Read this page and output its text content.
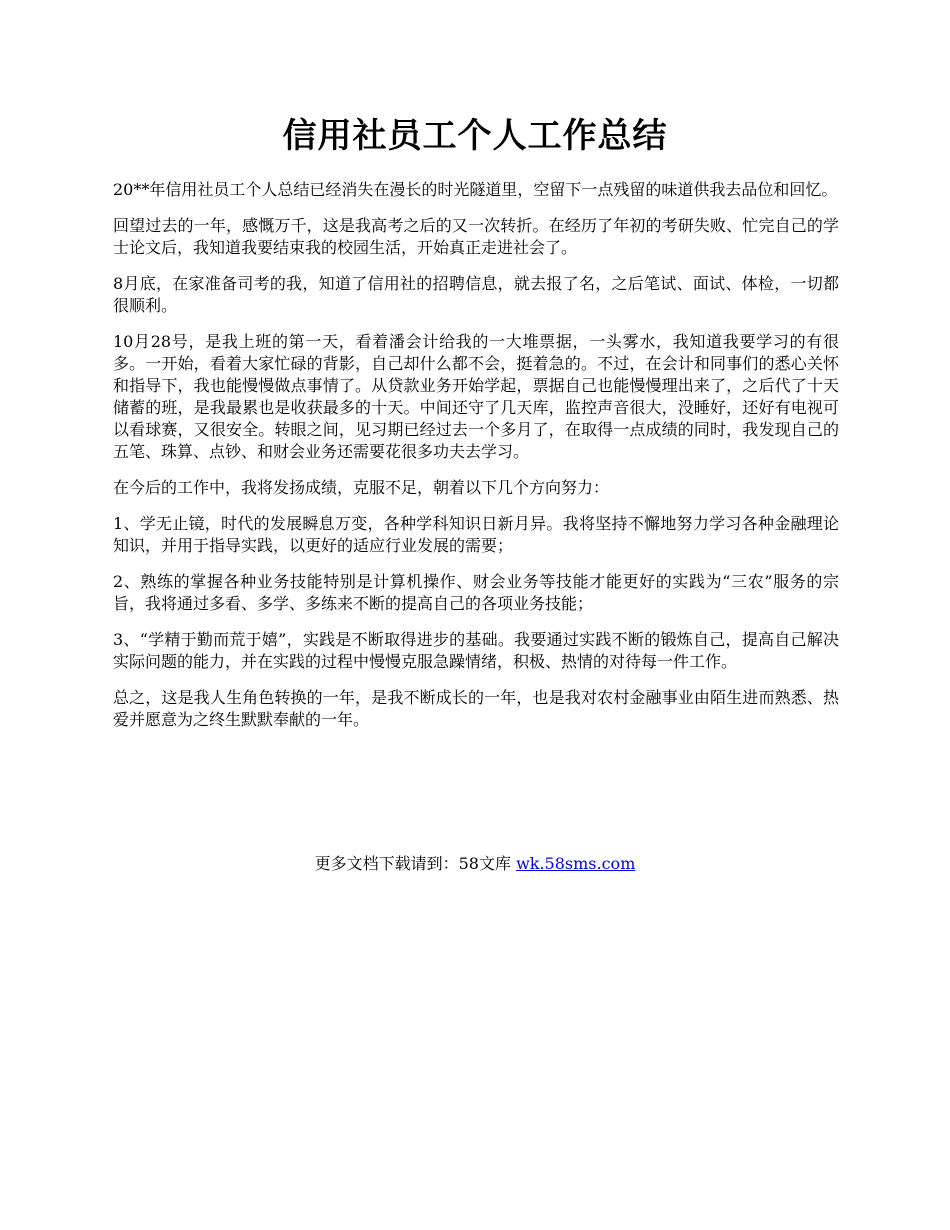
信用社员工个人工作总结

20**年信用社员工个人总结已经消失在漫长的时光隧道里，空留下一点残留的味道供我去品位和回忆。

回望过去的一年，感慨万千，这是我高考之后的又一次转折。在经历了年初的考研失败、忙完自己的学士论文后，我知道我要结束我的校园生活，开始真正走进社会了。

8月底，在家准备司考的我，知道了信用社的招聘信息，就去报了名，之后笔试、面试、体检，一切都很顺利。

10月28号，是我上班的第一天，看着潘会计给我的一大堆票据，一头雾水，我知道我要学习的有很多。一开始，看着大家忙碌的背影，自己却什么都不会，挺着急的。不过，在会计和同事们的悉心关怀和指导下，我也能慢慢做点事情了。从贷款业务开始学起，票据自己也能慢慢理出来了，之后代了十天储蓄的班，是我最累也是收获最多的十天。中间还守了几天库，监控声音很大，没睡好，还好有电视可以看球赛，又很安全。转眼之间，见习期已经过去一个多月了，在取得一点成绩的同时，我发现自己的五笔、珠算、点钞、和财会业务还需要花很多功夫去学习。

在今后的工作中，我将发扬成绩，克服不足，朝着以下几个方向努力：

1、学无止镜，时代的发展瞬息万变，各种学科知识日新月异。我将坚持不懈地努力学习各种金融理论知识，并用于指导实践，以更好的适应行业发展的需要；

2、熟练的掌握各种业务技能特别是计算机操作、财会业务等技能才能更好的实践为“三农”服务的宗旨，我将通过多看、多学、多练来不断的提高自己的各项业务技能；

3、“学精于勤而荒于嬉”，实践是不断取得进步的基础。我要通过实践不断的锻炼自己，提高自己解决实际问题的能力，并在实践的过程中慢慢克服急躁情绪，积极、热情的对待每一件工作。

总之，这是我人生角色转换的一年，是我不断成长的一年，也是我对农村金融事业由陌生进而熟悉、热爱并愿意为之终生默默奉献的一年。

更多文档下载请到：58文库 wk.58sms.com
